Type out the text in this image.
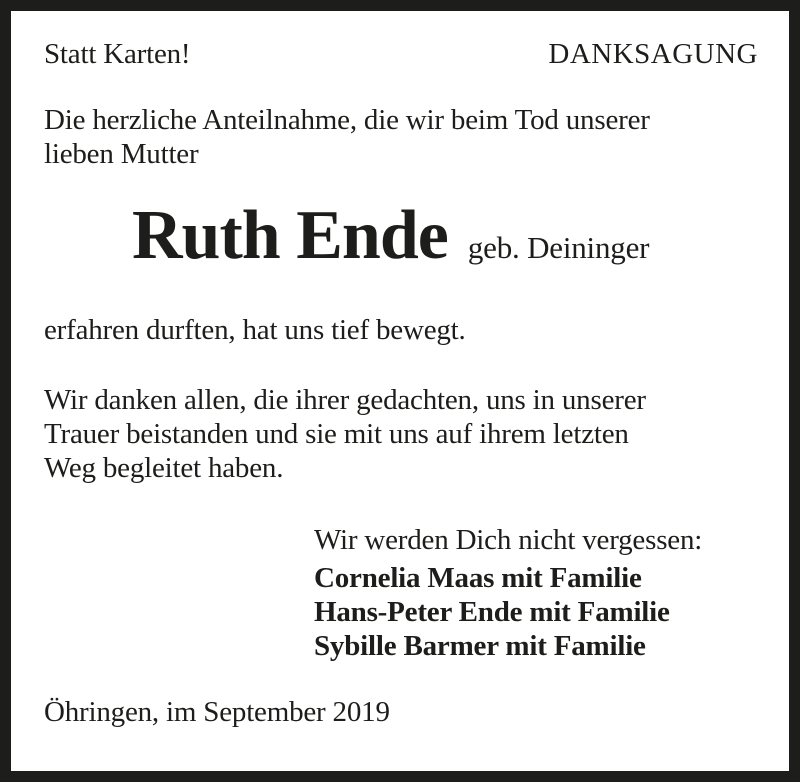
Statt Karten!	DANKSAGUNG
Die herzliche Anteilnahme, die wir beim Tod unserer
lieben Mutter
Ruth Ende geb. Deininger
erfahren durften, hat uns tief bewegt.
Wir danken allen, die ihrer gedachten, uns in unserer
Trauer beistanden und sie mit uns auf ihrem letzten
Weg begleitet haben.
Wir werden Dich nicht vergessen:
Cornelia Maas mit Familie
Hans-Peter Ende mit Familie
Sybille Barmer mit Familie
Öhringen, im September 2019
